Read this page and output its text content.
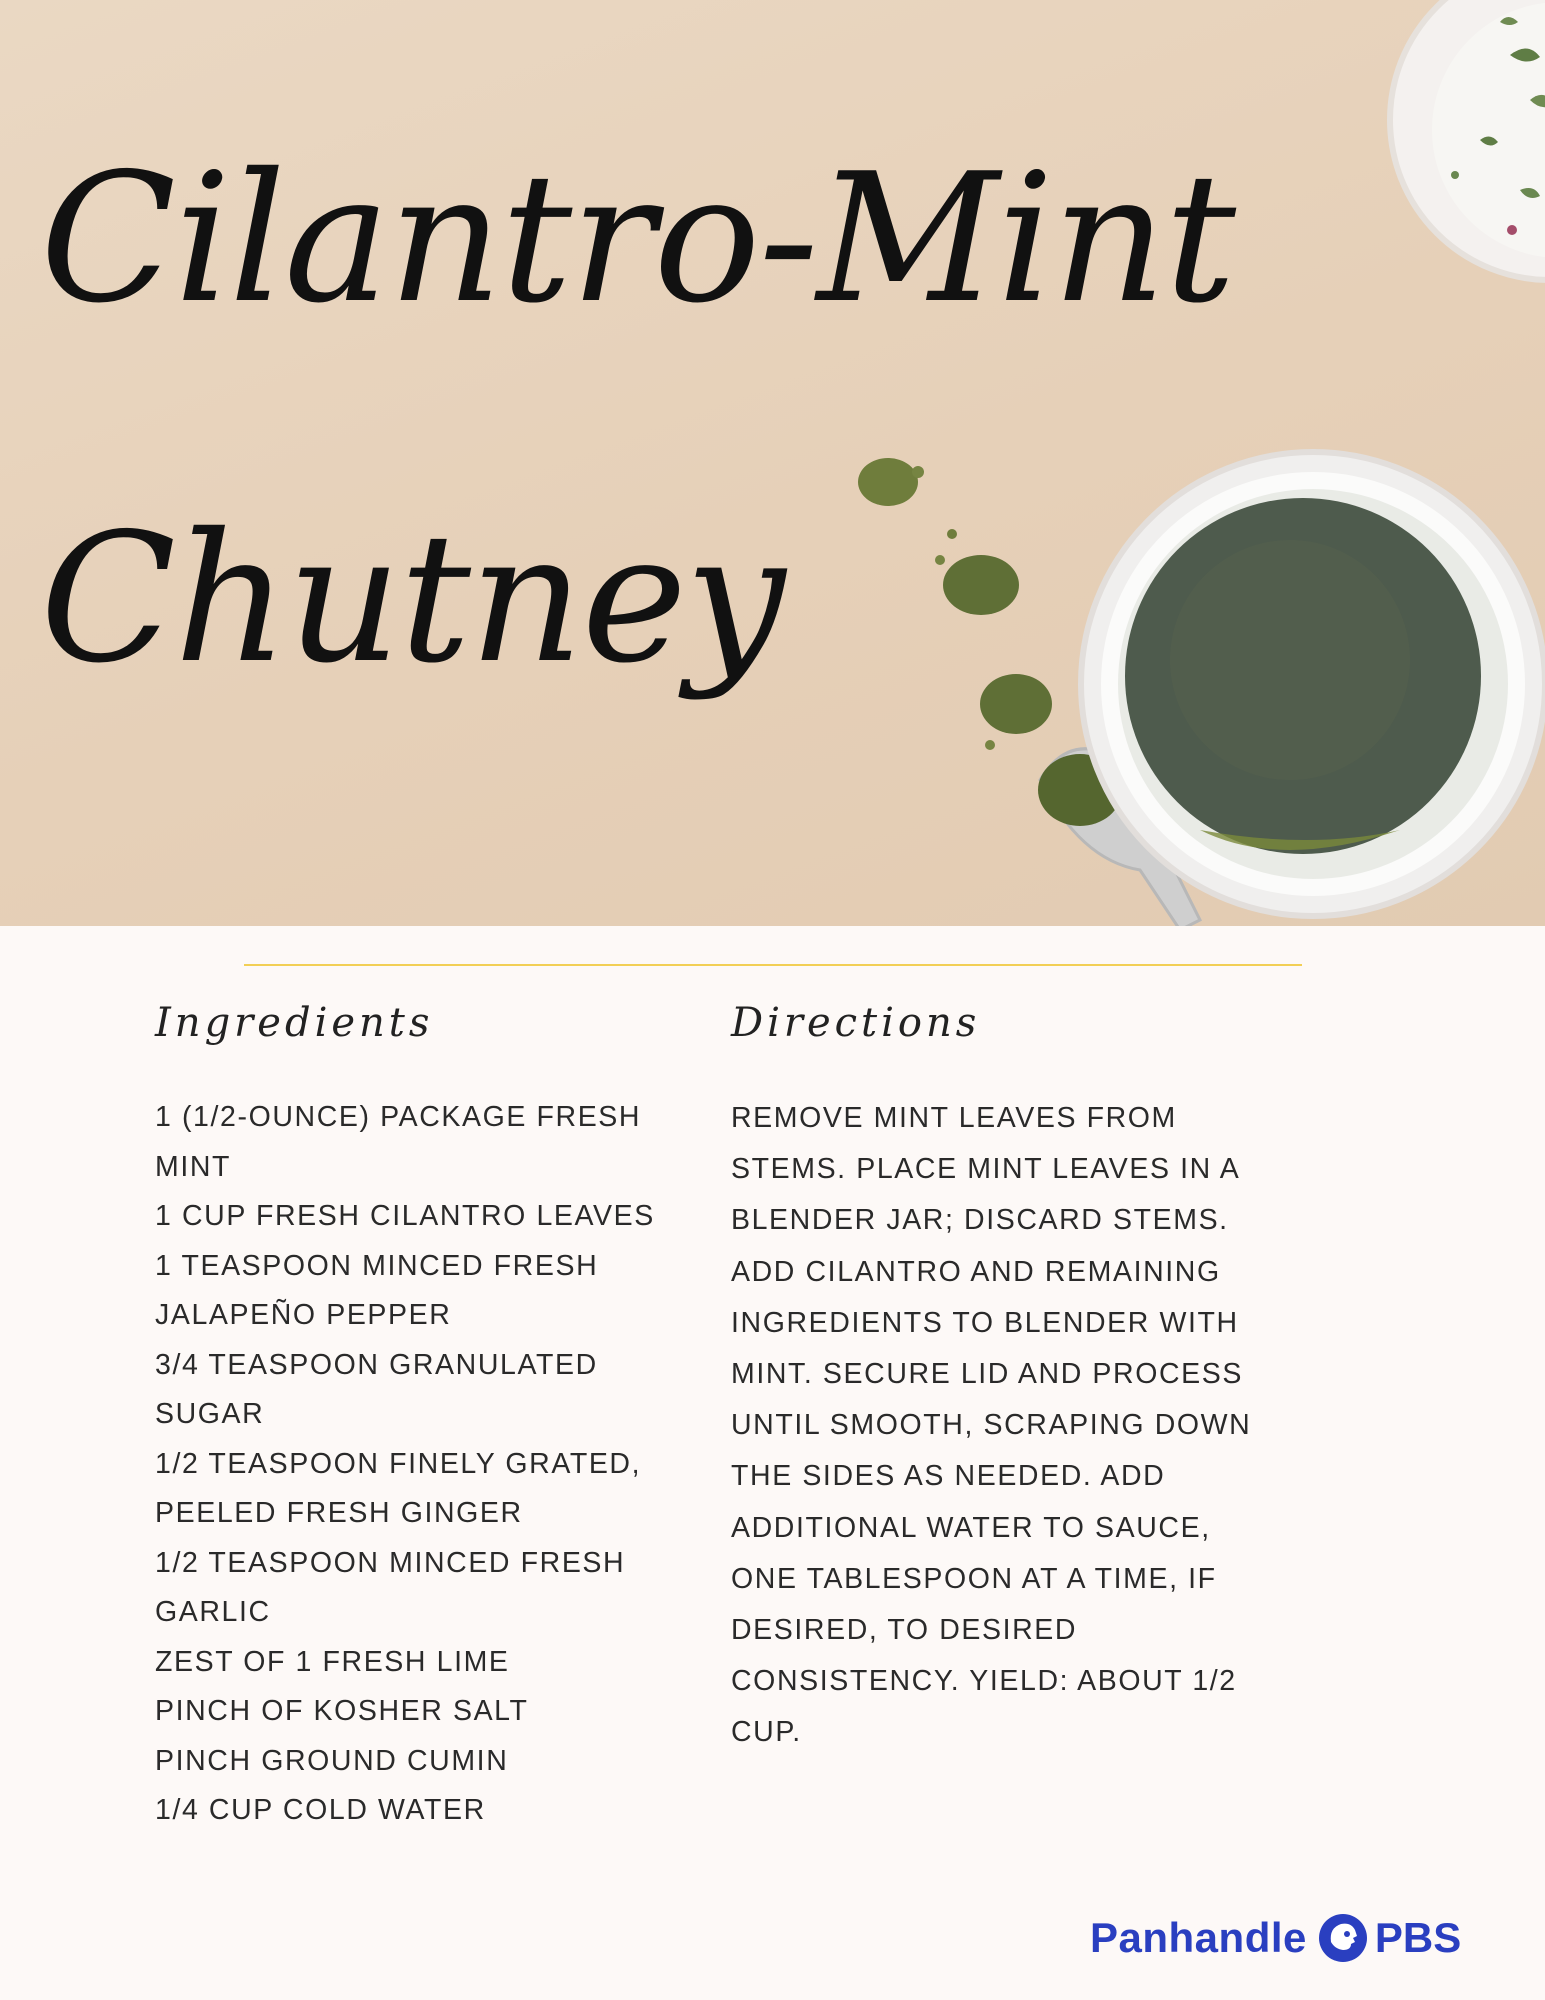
Cilantro-Mint
Chutney
Ingredients	Directions
1 (1/2-OUNCE) PACKAGE FRESH MINT
1 CUP FRESH CILANTRO LEAVES
1 TEASPOON MINCED FRESH JALAPEÑO PEPPER
3/4 TEASPOON GRANULATED SUGAR
1/2 TEASPOON FINELY GRATED, PEELED FRESH GINGER
1/2 TEASPOON MINCED FRESH GARLIC
ZEST OF 1 FRESH LIME
PINCH OF KOSHER SALT
PINCH GROUND CUMIN
1/4 CUP COLD WATER

REMOVE MINT LEAVES FROM STEMS. PLACE MINT LEAVES IN A BLENDER JAR; DISCARD STEMS. ADD CILANTRO AND REMAINING INGREDIENTS TO BLENDER WITH MINT. SECURE LID AND PROCESS UNTIL SMOOTH, SCRAPING DOWN THE SIDES AS NEEDED. ADD ADDITIONAL WATER TO SAUCE, ONE TABLESPOON AT A TIME, IF DESIRED, TO DESIRED CONSISTENCY. YIELD: ABOUT 1/2 CUP.

Panhandle PBS
